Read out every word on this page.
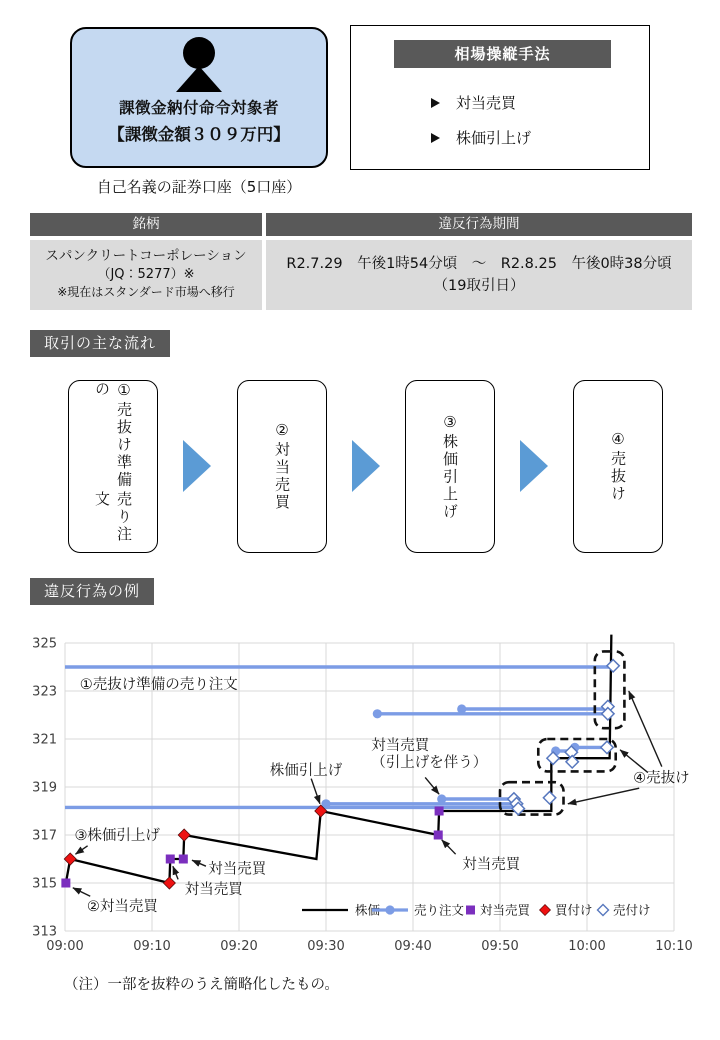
課徴金納付命令対象者
【課徴金額３０９万円】
自己名義の証券口座（5口座）
相場操縦手法
対当売買
株価引上げ
銘柄	違反行為期間
スパンクリートコーポレーション
（JQ：5277）※
※現在はスタンダード市場へ移行
R2.7.29　午後1時54分頃　～　R2.8.25　午後0時38分頃
（19取引日）
取引の主な流れ
①売抜け準備の
売り注文	②対当売買	③株価引上げ	④売抜け
違反行為の例
325
323
321
319
317
315
313
09:00	09:10	09:20	09:30	09:40	09:50	10:00	10:10
①売抜け準備の売り注文
株価引上げ
対当売買（引上げを伴う）
④売抜け
③株価引上げ
②対当売買
対当売買
対当売買	対当売買
株価	売り注文 対当売買 買付け 売付け
（注）一部を抜粋のうえ簡略化したもの。
